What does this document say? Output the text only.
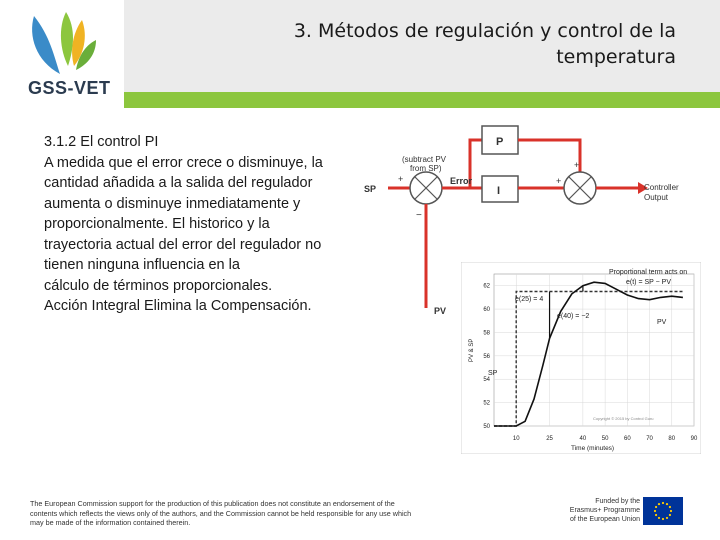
GSS-VET
3. Métodos de regulación y control de la
temperatura
3.1.2 El control PI
A medida que el error crece o disminuye, la
cantidad añadida a la salida del regulador
aumenta o disminuye inmediatamente y
proporcionalmente. El historico y la
trayectoria actual del error del regulador no
tienen ninguna influencia en la
cálculo de términos proporcionales.
Acción Integral Elimina la Compensación.
P
I
SP
PV
Error
(subtract PV
from SP)
+
−
+
+
Controller
Output
10	25	40	50	60	70	80	90
50
52
54
56
58
60
62
Proportional term acts on
e(t) = SP − PV
e(25) = 4
e(40) = −2
PV
SP
Time (minutes)
PV & SP
Copyright © 2015 by Control Guru
The European Commission support for the production of this publication does not constitute an endorsement of the
contents which reflects the views only of the authors, and the Commission cannot be held responsible for any use which
may be made of the information contained therein.
Funded by the
Erasmus+ Programme
of the European Union
